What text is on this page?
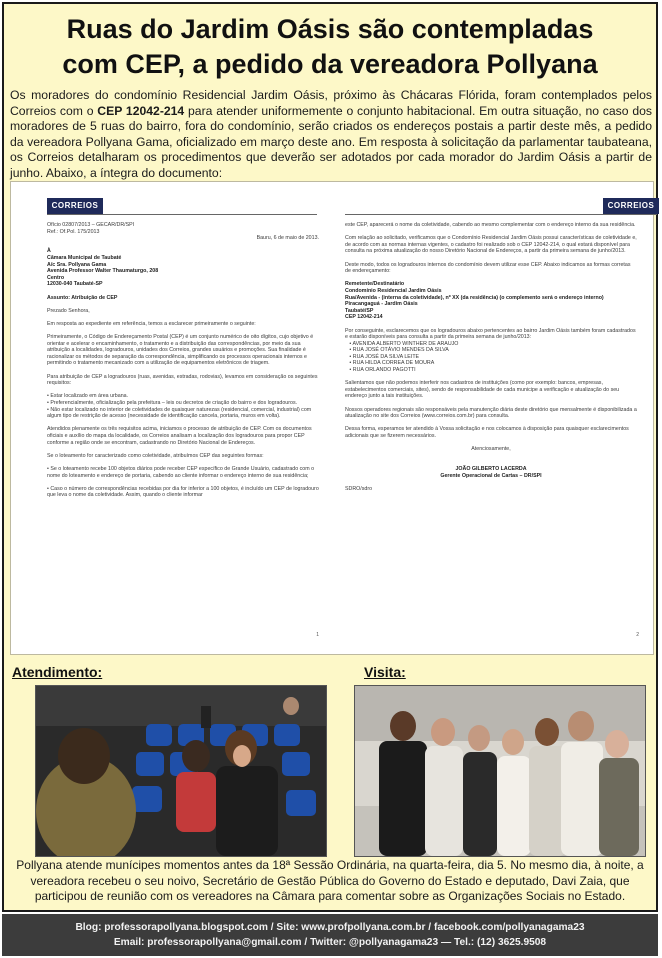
Ruas do Jardim Oásis são contempladas
com CEP, a pedido da vereadora Pollyana
Os moradores do condomínio Residencial Jardim Oásis, próximo às Chácaras Flórida, foram contemplados pelos Correios com o CEP 12042-214 para atender uniformemente o conjunto habitacional. Em outra situação, no caso dos moradores de 5 ruas do bairro, fora do condomínio, serão criados os endereços postais a partir deste mês, a pedido da vereadora Pollyana Gama, oficializado em março deste ano. Em resposta à solicitação da parlamentar taubateana, os Correios detalharam os procedimentos que deverão ser adotados por cada morador do Jardim Oásis a partir de junho. Abaixo, a íntegra do documento:
CORREIOS
Ofício 02807/2013 – GECAR/DR/SPI
Ref.: Of.Pol. 175/2013

Bauru, 6 de maio de 2013.

À
Câmara Municipal de Taubaté
A/c Sra. Pollyana Gama
Avenida Professor Walter Thaumaturgo, 208
Centro
12030-040 Taubaté-SP

Assunto: Atribuição de CEP

Prezado Senhora,

Em resposta ao expediente em referência, temos a esclarecer primeiramente o seguinte:

Primeiramente, o Código de Endereçamento Postal (CEP) é um conjunto numérico de oito dígitos, cujo objetivo é orientar e acelerar o encaminhamento, o tratamento e a distribuição das correspondências, por meio da sua atribuição a localidades, logradouros, unidades dos Correios, grandes usuários e promoções. Sua finalidade é racionalizar os métodos de separação da correspondência, simplificando os processos operacionais internos e permitindo o tratamento mecanizado com a utilização de equipamentos eletrônicos de triagem.

Para atribuição de CEP a logradouros (ruas, avenidas, estradas, rodovias), levamos em consideração os seguintes requisitos:

• Estar localizado em área urbana.
• Preferencialmente, oficialização pela prefeitura – leis ou decretos de criação do bairro e dos logradouros.
• Não estar localizado no interior de coletividades de quaisquer naturezas (residencial, comercial, industrial) com algum tipo de restrição de acesso (necessidade de identificação cancela, portaria, muros em volta).

Atendidos plenamente os três requisitos acima, iniciamos o processo de atribuição de CEP. Com os documentos oficiais e auxílio do mapa da localidade, os Correios analisam a localização dos logradouros para propor CEP conforme a região onde se encontram, cadastrando no Diretório Nacional de Endereços.

Se o loteamento for caracterizado como coletividade, atribuímos CEP das seguintes formas:

• Se o loteamento recebe 100 objetos diários pode receber CEP específico de Grande Usuário, cadastrado com o nome do loteamento e endereço de portaria, cabendo ao cliente informar o endereço interno de sua residência;

• Caso o número de correspondências recebidas por dia for inferior a 100 objetos, é incluído um CEP de logradouro que leva o nome da coletividade. Assim, quando o cliente informar
1
CORREIOS
este CEP, aparecerá o nome da coletividade, cabendo ao mesmo complementar com o endereço interno da sua residência.

Com relação ao solicitado, verificamos que o Condomínio Residencial Jardim Oásis possui características de coletividade e, de acordo com as normas internas vigentes, o cadastro foi realizado sob o CEP 12042-214, o qual estará disponível para consulta na próxima atualização do nosso Diretório Nacional de Endereços, a partir da primeira semana de junho/2013.

Deste modo, todos os logradouros internos do condomínio devem utilizar esse CEP. Abaixo indicamos as formas corretas de endereçamento:

Remetente/Destinatário
Condomínio Residencial Jardim Oásis
Rua/Avenida - (interna da coletividade), nº XX (da residência) (o complemento será o endereço interno)
Piracangaguá - Jardim Oásis
Taubaté/SP
CEP 12042-214

Por conseguinte, esclarecemos que os logradouros abaixo pertencentes ao bairro Jardim Oásis também foram cadastrados e estarão disponíveis para consulta a partir da primeira semana de junho/2013:
• AVENIDA ALBERTO WINTHER DE ARAUJO
• RUA JOSÉ OTÁVIO MENDES DA SILVA
• RUA JOSÉ DA SILVA LEITE
• RUA HILDA CORREA DE MOURA
• RUA ORLANDO PAGOTTI

Salientamos que não podemos interferir nos cadastros de instituições (como por exemplo: bancos, empresas, estabelecimentos comerciais, sites), sendo de responsabilidade de cada municipe a verificação e atualização do seu endereço junto a tais instituições.

Nossos operadores regionais são responsáveis pela manutenção diária deste diretório que mensalmente é disponibilizada a atualização no site dos Correios (www.correios.com.br) para consulta.

Dessa forma, esperamos ter atendido à Vossa solicitação e nos colocamos à disposição para quaisquer esclarecimentos adicionais que se fizerem necessários.

Atenciosamente,

JOÃO GILBERTO LACERDA
Gerente Operacional de Cartas – DR/SPI

SDRO/sdro
2
Atendimento:	Visita:
Pollyana atende munícipes momentos antes da 18ª Sessão Ordinária, na quarta-feira, dia 5. No mesmo dia, à noite, a vereadora recebeu o seu noivo, Secretário de Gestão Pública do Governo do Estado e deputado, Davi Zaia, que participou de reunião com os vereadores na Câmara para comentar sobre as Organizações Sociais no Estado.
Blog: professorapollyana.blogspot.com / Site: www.profpollyana.com.br / facebook.com/pollyanagama23
Email: professorapollyana@gmail.com / Twitter: @pollyanagama23 — Tel.: (12) 3625.9508
